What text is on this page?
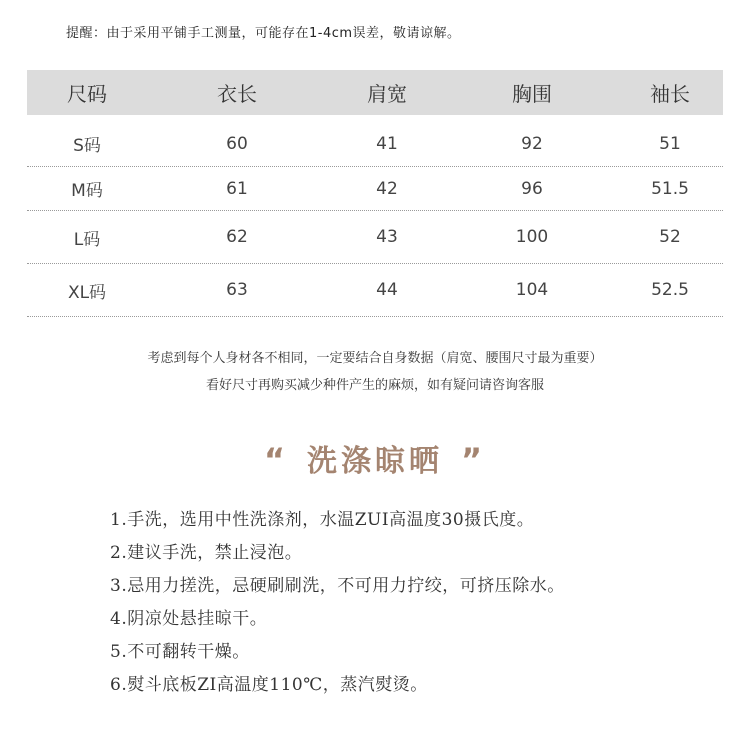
提醒：由于采用平铺手工测量，可能存在1-4cm误差，敬请谅解。
尺码	衣长	肩宽	胸围	袖长
S码	60	41	92	51
M码	61	42	96	51.5
L码	62	43	100	52
XL码	63	44	104	52.5
考虑到每个人身材各不相同，一定要结合自身数据（肩宽、腰围尺寸最为重要）
看好尺寸再购买减少种件产生的麻烦，如有疑问请咨询客服
“ 洗涤晾晒 ”
1.手洗，选用中性洗涤剂，水温ZUI高温度30摄氏度。
2.建议手洗，禁止浸泡。
3.忌用力搓洗，忌硬刷刷洗，不可用力拧绞，可挤压除水。
4.阴凉处悬挂晾干。
5.不可翻转干燥。
6.熨斗底板ZI高温度110℃，蒸汽熨烫。
